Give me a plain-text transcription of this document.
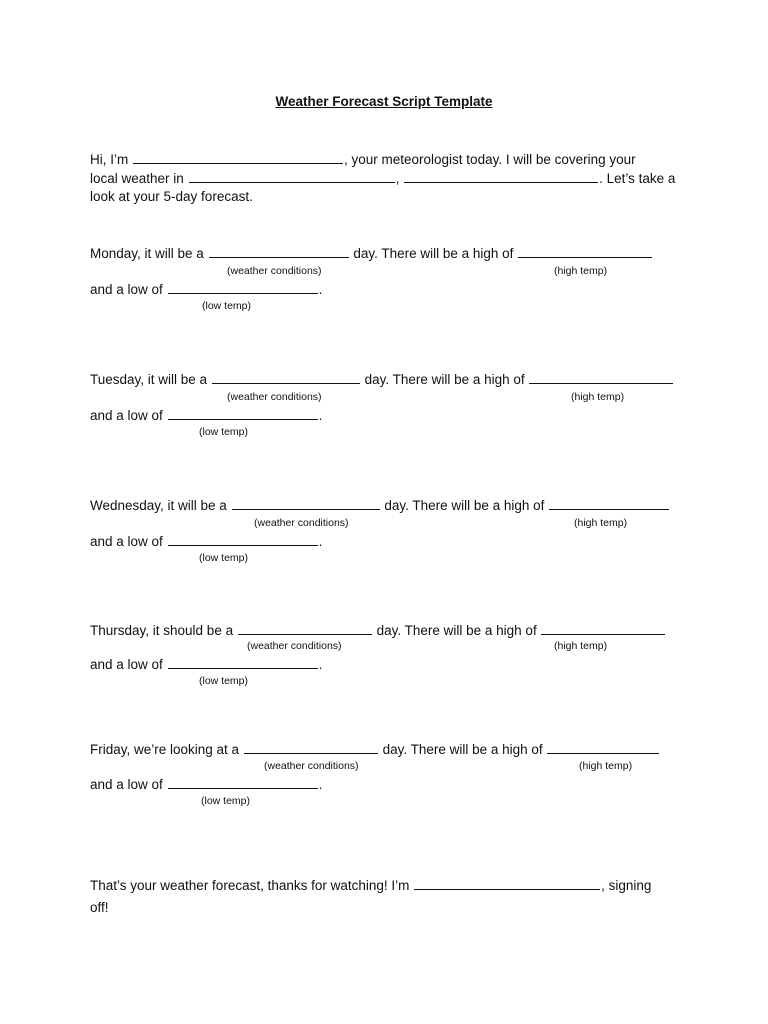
Weather Forecast Script Template
Hi, I’m	, your meteorologist today. I will be covering your
local weather in	,	. Let’s take a
look at your 5-day forecast.
Monday, it will be a	day. There will be a high of
(weather conditions)	(high temp)
and a low of	.
(low temp)
Tuesday, it will be a	day. There will be a high of
(weather conditions)	(high temp)
and a low of	.
(low temp)
Wednesday, it will be a	day. There will be a high of
(weather conditions)	(high temp)
and a low of	.
(low temp)
Thursday, it should be a	day. There will be a high of
(weather conditions)	(high temp)
and a low of	.
(low temp)
Friday, we’re looking at a	day. There will be a high of
(weather conditions)	(high temp)
and a low of	.
(low temp)
That’s your weather forecast, thanks for watching! I’m	, signing
off!
